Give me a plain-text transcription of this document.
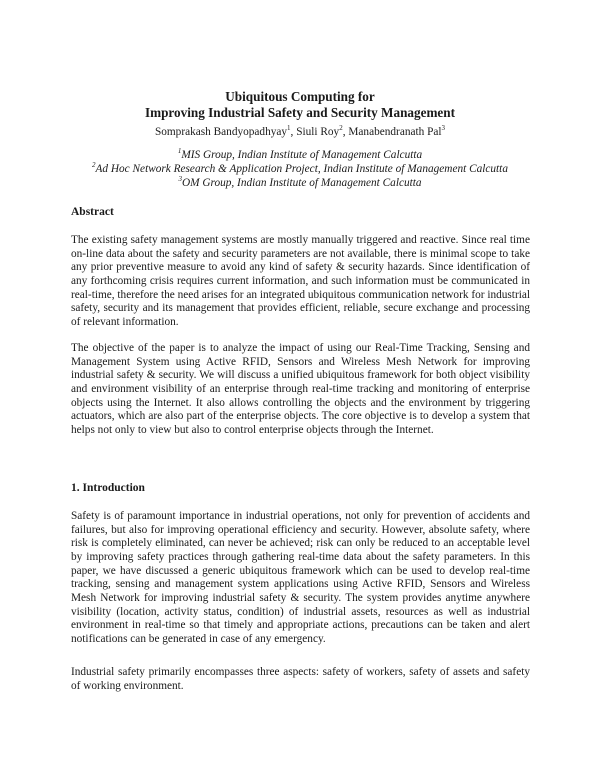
Ubiquitous Computing for
Improving Industrial Safety and Security Management
Somprakash Bandyopadhyay$^1$, Siuli Roy$^2$, Manabendranath Pal$^3$
$^1$MIS Group, Indian Institute of Management Calcutta
$^2$Ad Hoc Network Research & Application Project, Indian Institute of Management Calcutta
$^3$OM Group, Indian Institute of Management Calcutta
Abstract

The existing safety management systems are mostly manually triggered and reactive. Since real time on-line data about the safety and security parameters are not available, there is minimal scope to take any prior preventive measure to avoid any kind of safety & security hazards. Since identification of any forthcoming crisis requires current information, and such information must be communicated in real-time, therefore the need arises for an integrated ubiquitous communication network for industrial safety, security and its management that provides efficient, reliable, secure exchange and processing of relevant information.

The objective of the paper is to analyze the impact of using our Real-Time Tracking, Sensing and Management System using Active RFID, Sensors and Wireless Mesh Network for improving industrial safety & security. We will discuss a unified ubiquitous framework for both object visibility and environment visibility of an enterprise through real-time tracking and monitoring of enterprise objects using the Internet. It also allows controlling the objects and the environment by triggering actuators, which are also part of the enterprise objects. The core objective is to develop a system that helps not only to view but also to control enterprise objects through the Internet.

1. Introduction

Safety is of paramount importance in industrial operations, not only for prevention of accidents and failures, but also for improving operational efficiency and security. However, absolute safety, where risk is completely eliminated, can never be achieved; risk can only be reduced to an acceptable level by improving safety practices through gathering real-time data about the safety parameters. In this paper, we have discussed a generic ubiquitous framework which can be used to develop real-time tracking, sensing and management system applications using Active RFID, Sensors and Wireless Mesh Network for improving industrial safety & security. The system provides anytime anywhere visibility (location, activity status, condition) of industrial assets, resources as well as industrial environment in real-time so that timely and appropriate actions, precautions can be taken and alert notifications can be generated in case of any emergency.

Industrial safety primarily encompasses three aspects: safety of workers, safety of assets and safety of working environment.
